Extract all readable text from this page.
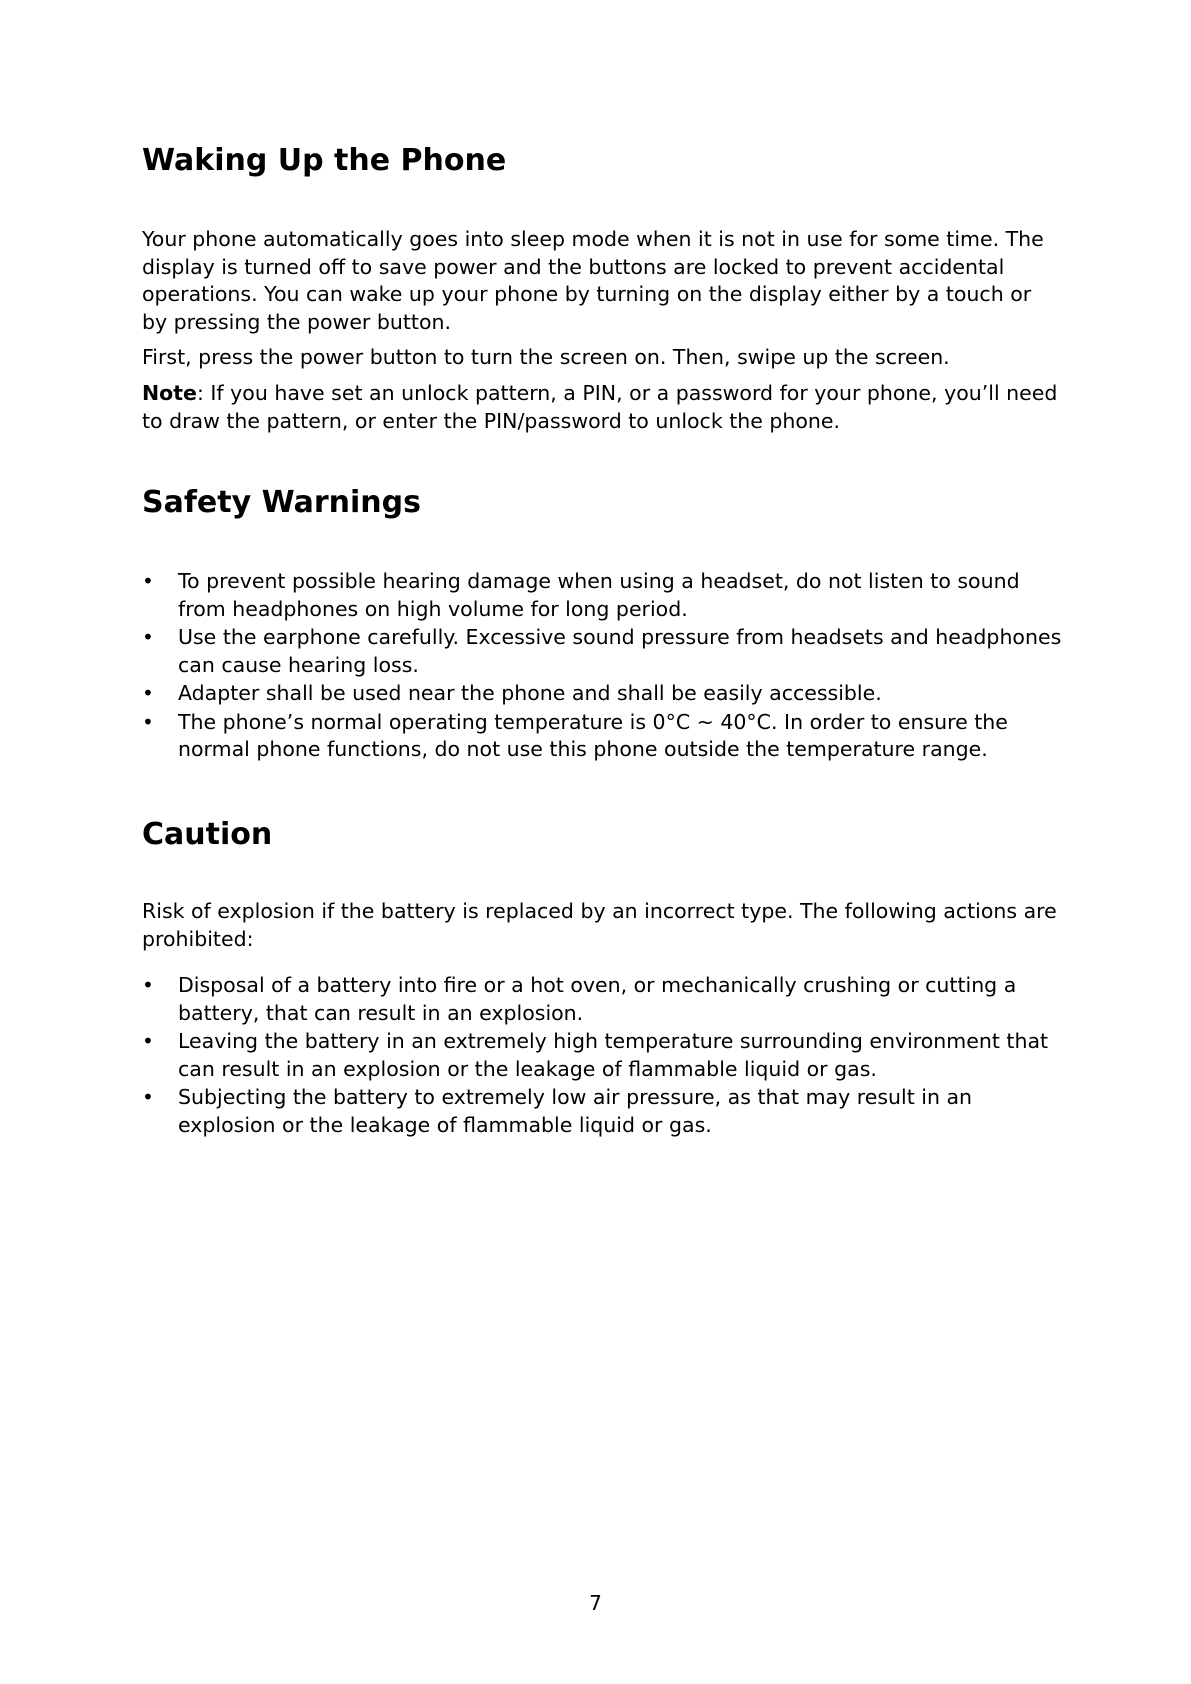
Waking Up the Phone

Your phone automatically goes into sleep mode when it is not in use for some time. The display is turned off to save power and the buttons are locked to prevent accidental operations. You can wake up your phone by turning on the display either by a touch or by pressing the power button.

First, press the power button to turn the screen on. Then, swipe up the screen.

Note: If you have set an unlock pattern, a PIN, or a password for your phone, you’ll need to draw the pattern, or enter the PIN/password to unlock the phone.

Safety Warnings
• To prevent possible hearing damage when using a headset, do not listen to sound from headphones on high volume for long period.
• Use the earphone carefully. Excessive sound pressure from headsets and headphones can cause hearing loss.
• Adapter shall be used near the phone and shall be easily accessible.
• The phone’s normal operating temperature is 0°C ~ 40°C. In order to ensure the normal phone functions, do not use this phone outside the temperature range.
Caution

Risk of explosion if the battery is replaced by an incorrect type. The following actions are prohibited:

• Disposal of a battery into fire or a hot oven, or mechanically crushing or cutting a battery, that can result in an explosion.
• Leaving the battery in an extremely high temperature surrounding environment that can result in an explosion or the leakage of flammable liquid or gas.
• Subjecting the battery to extremely low air pressure, as that may result in an explosion or the leakage of flammable liquid or gas.
7
